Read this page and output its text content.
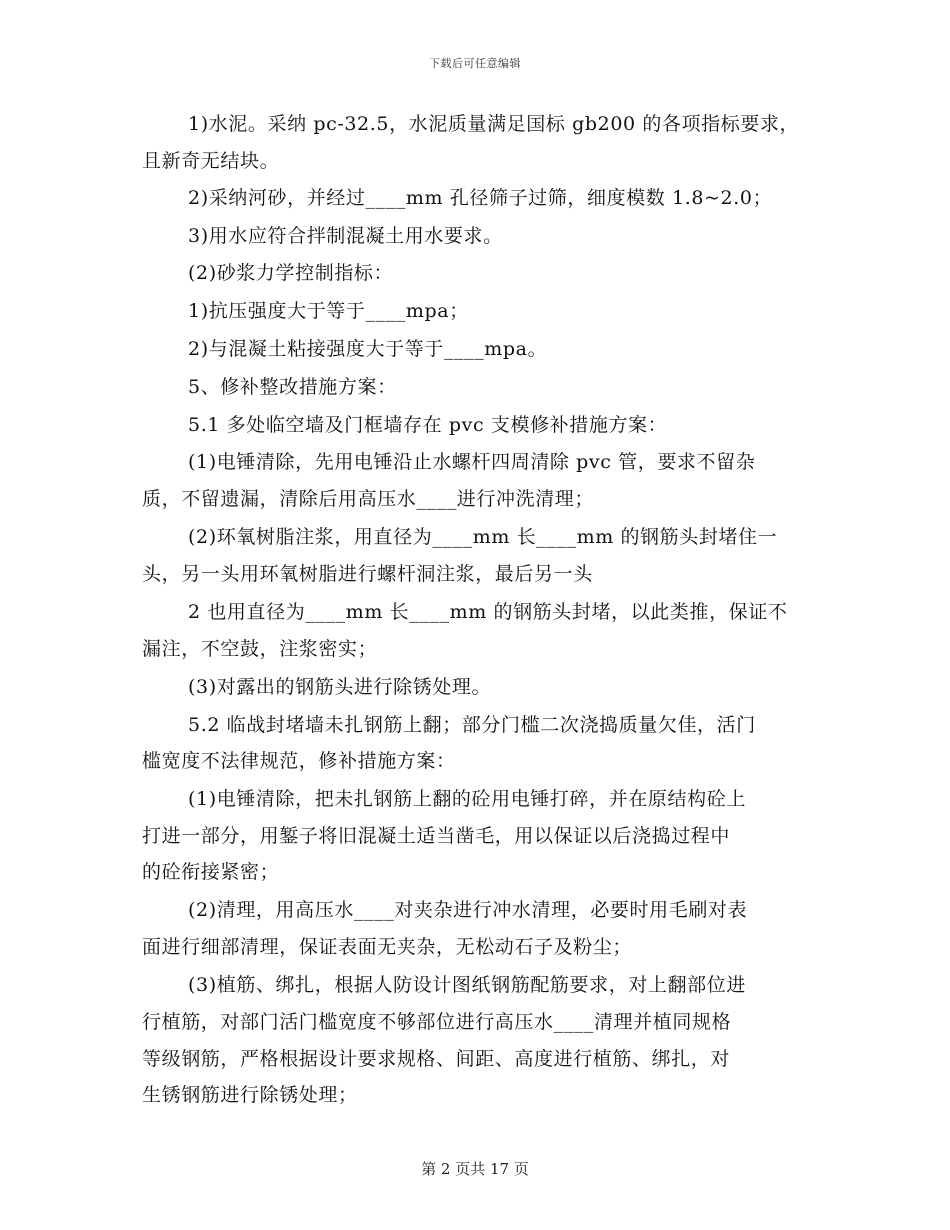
下载后可任意编辑
1)水泥。采纳 pc-32.5，水泥质量满足国标 gb200 的各项指标要求，
且新奇无结块。
2)采纳河砂，并经过____mm 孔径筛子过筛，细度模数 1.8~2.0；
3)用水应符合拌制混凝土用水要求。
(2)砂浆力学控制指标：
1)抗压强度大于等于____mpa；
2)与混凝土粘接强度大于等于____mpa。
5、修补整改措施方案：
5.1 多处临空墙及门框墙存在 pvc 支模修补措施方案：
(1)电锤清除，先用电锤沿止水螺杆四周清除 pvc 管，要求不留杂
质，不留遗漏，清除后用高压水____进行冲洗清理；
(2)环氧树脂注浆，用直径为____mm 长____mm 的钢筋头封堵住一
头，另一头用环氧树脂进行螺杆洞注浆，最后另一头
2 也用直径为____mm 长____mm 的钢筋头封堵，以此类推，保证不
漏注，不空鼓，注浆密实；
(3)对露出的钢筋头进行除锈处理。
5.2 临战封堵墙未扎钢筋上翻；部分门槛二次浇捣质量欠佳，活门
槛宽度不法律规范，修补措施方案：
(1)电锤清除，把未扎钢筋上翻的砼用电锤打碎，并在原结构砼上
打进一部分，用錾子将旧混凝土适当凿毛，用以保证以后浇捣过程中
的砼衔接紧密；
(2)清理，用高压水____对夹杂进行冲水清理，必要时用毛刷对表
面进行细部清理，保证表面无夹杂，无松动石子及粉尘；
(3)植筋、绑扎，根据人防设计图纸钢筋配筋要求，对上翻部位进
行植筋，对部门活门槛宽度不够部位进行高压水____清理并植同规格
等级钢筋，严格根据设计要求规格、间距、高度进行植筋、绑扎，对
生锈钢筋进行除锈处理；
第 2 页共 17 页
